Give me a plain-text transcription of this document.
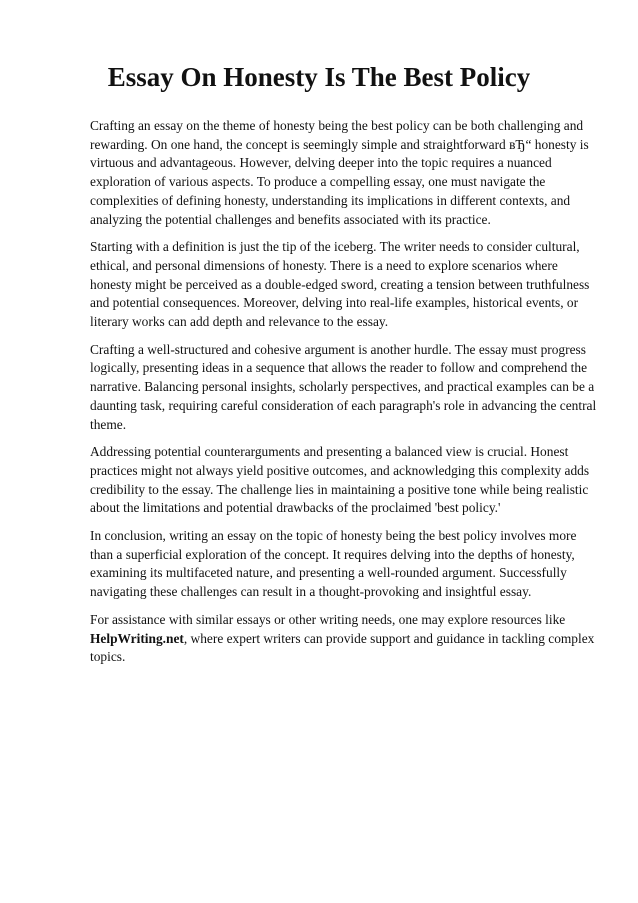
Essay On Honesty Is The Best Policy

Crafting an essay on the theme of honesty being the best policy can be both challenging and rewarding. On one hand, the concept is seemingly simple and straightforward вЂ“ honesty is virtuous and advantageous. However, delving deeper into the topic requires a nuanced exploration of various aspects. To produce a compelling essay, one must navigate the complexities of defining honesty, understanding its implications in different contexts, and analyzing the potential challenges and benefits associated with its practice.

Starting with a definition is just the tip of the iceberg. The writer needs to consider cultural, ethical, and personal dimensions of honesty. There is a need to explore scenarios where honesty might be perceived as a double-edged sword, creating a tension between truthfulness and potential consequences. Moreover, delving into real-life examples, historical events, or literary works can add depth and relevance to the essay.

Crafting a well-structured and cohesive argument is another hurdle. The essay must progress logically, presenting ideas in a sequence that allows the reader to follow and comprehend the narrative. Balancing personal insights, scholarly perspectives, and practical examples can be a daunting task, requiring careful consideration of each paragraph's role in advancing the central theme.

Addressing potential counterarguments and presenting a balanced view is crucial. Honest practices might not always yield positive outcomes, and acknowledging this complexity adds credibility to the essay. The challenge lies in maintaining a positive tone while being realistic about the limitations and potential drawbacks of the proclaimed 'best policy.'

In conclusion, writing an essay on the topic of honesty being the best policy involves more than a superficial exploration of the concept. It requires delving into the depths of honesty, examining its multifaceted nature, and presenting a well-rounded argument. Successfully navigating these challenges can result in a thought-provoking and insightful essay.

For assistance with similar essays or other writing needs, one may explore resources like HelpWriting.net, where expert writers can provide support and guidance in tackling complex topics.
